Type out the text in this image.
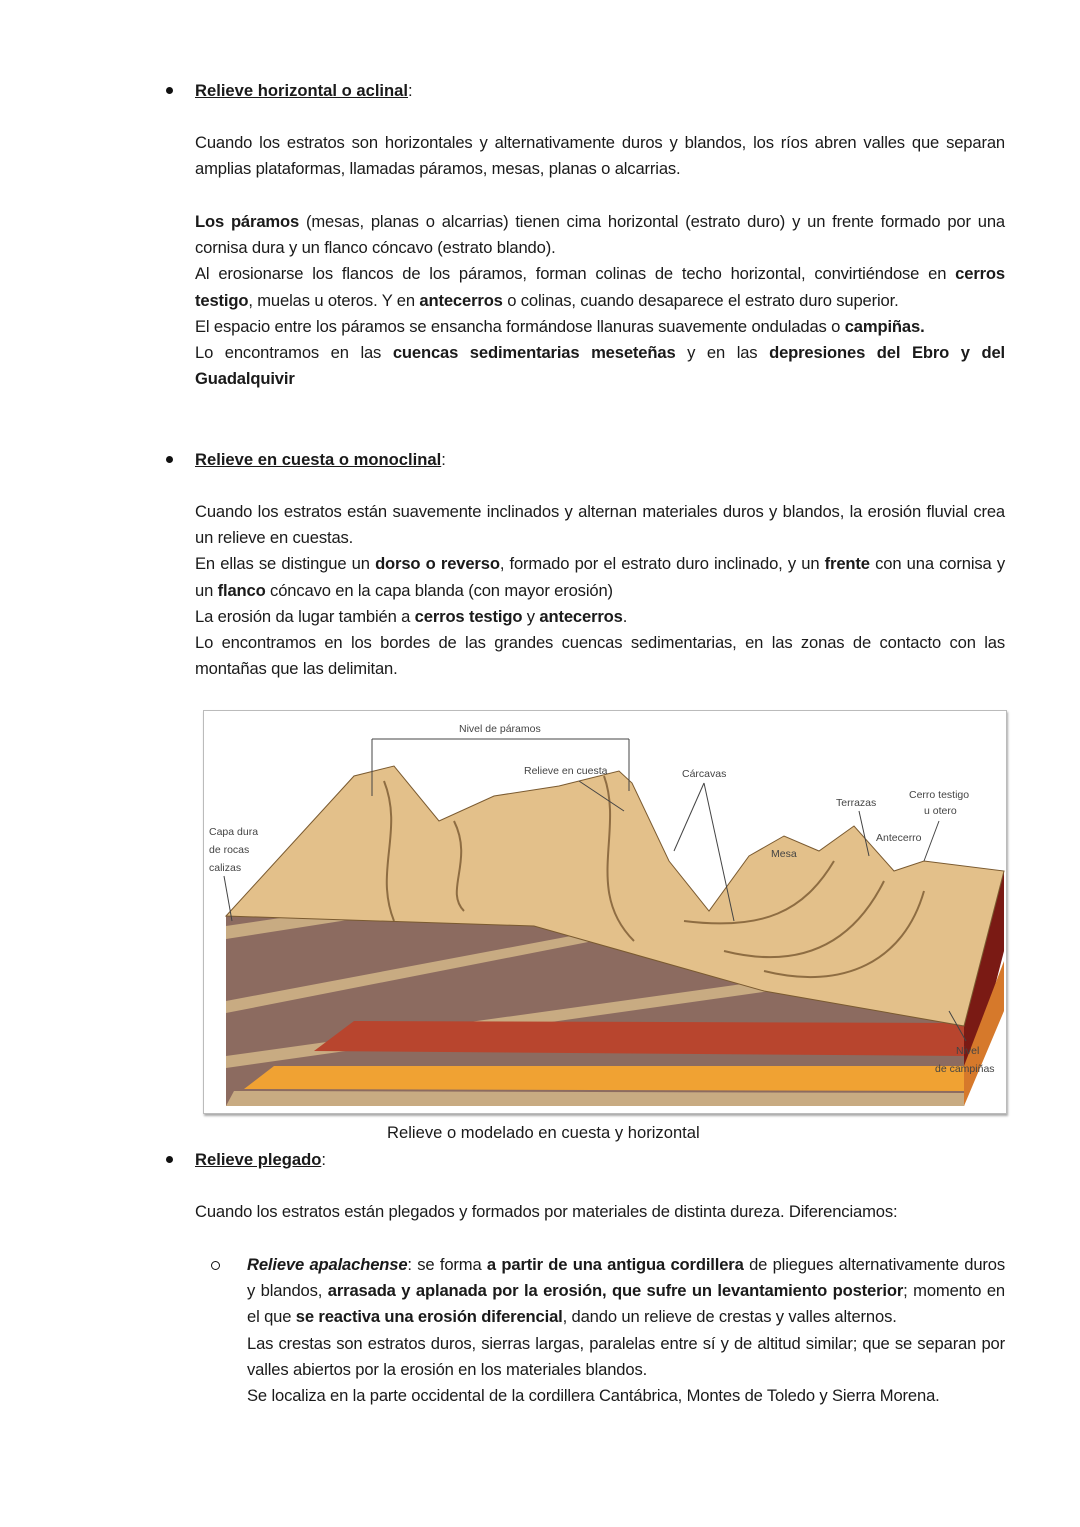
Relieve horizontal o aclinal:

Cuando los estratos son horizontales y alternativamente duros y blandos, los ríos abren valles que separan amplias plataformas, llamadas páramos, mesas, planas o alcarrias.

Los páramos (mesas, planas o alcarrias) tienen cima horizontal (estrato duro) y un frente formado por una cornisa dura y un flanco cóncavo (estrato blando).

Al erosionarse los flancos de los páramos, forman colinas de techo horizontal, convirtiéndose en cerros testigo, muelas u oteros. Y en antecerros o colinas, cuando desaparece el estrato duro superior.

El espacio entre los páramos se ensancha formándose llanuras suavemente onduladas o campiñas.

Lo encontramos en las cuencas sedimentarias meseteñas y en las depresiones del Ebro y del Guadalquivir

Relieve en cuesta o monoclinal:

Cuando los estratos están suavemente inclinados y alternan materiales duros y blandos, la erosión fluvial crea un relieve en cuestas.

En ellas se distingue un dorso o reverso, formado por el estrato duro inclinado, y un frente con una cornisa y un flanco cóncavo en la capa blanda (con mayor erosión)

La erosión da lugar también a cerros testigo y antecerros.

Lo encontramos en los bordes de las grandes cuencas sedimentarias, en las zonas de contacto con las montañas que las delimitan.

Nivel de páramos
Relieve en cuesta	Cárcavas
Terrazas
Cerro testigo
u otero
Antecerro
Mesa
Capa dura
de rocas
calizas
Nivel
de campiñas
Relieve o modelado en cuesta y horizontal
Relieve plegado:

Cuando los estratos están plegados y formados por materiales de distinta dureza. Diferenciamos:

Relieve apalachense: se forma a partir de una antigua cordillera de pliegues alternativamente duros y blandos, arrasada y aplanada por la erosión, que sufre un levantamiento posterior; momento en el que se reactiva una erosión diferencial, dando un relieve de crestas y valles alternos.

Las crestas son estratos duros, sierras largas, paralelas entre sí y de altitud similar; que se separan por valles abiertos por la erosión en los materiales blandos.

Se localiza en la parte occidental de la cordillera Cantábrica, Montes de Toledo y Sierra Morena.
